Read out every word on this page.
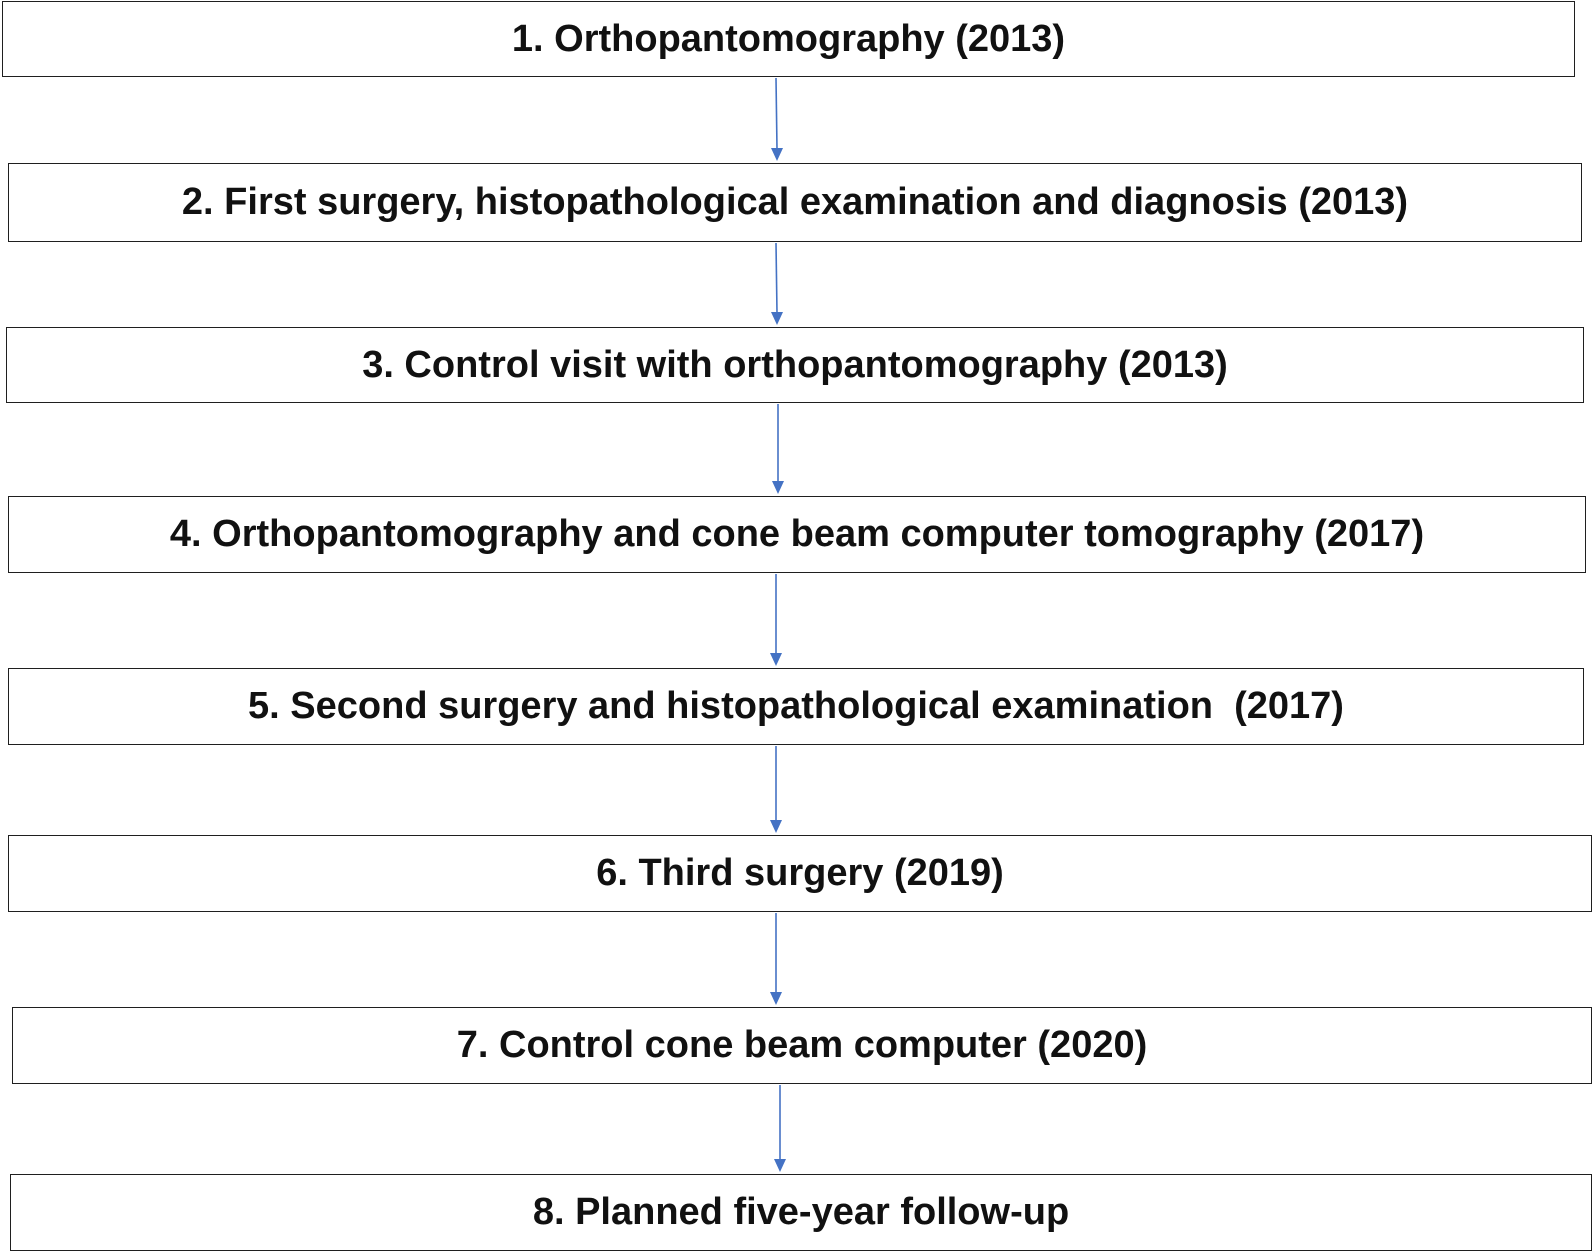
1. Orthopantomography (2013)
2. First surgery, histopathological examination and diagnosis (2013)
3. Control visit with orthopantomography (2013)
4. Orthopantomography and cone beam computer tomography (2017)
5. Second surgery and histopathological examination  (2017)
6. Third surgery (2019)
7. Control cone beam computer (2020)
8. Planned five-year follow-up
